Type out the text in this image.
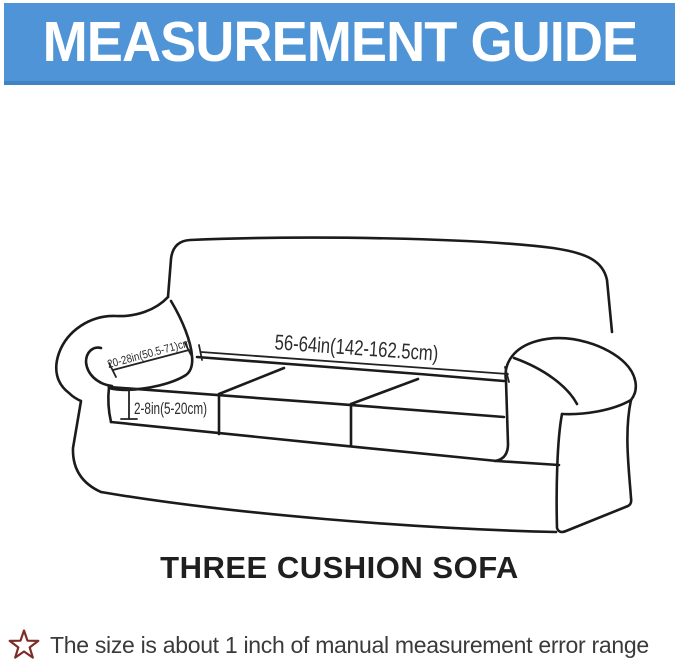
MEASUREMENT GUIDE
20-28in(50.5-71)cm	56-64in(142-162.5cm)
2-8in(5-20cm)
THREE CUSHION SOFA
The size is about 1 inch of manual measurement error range
